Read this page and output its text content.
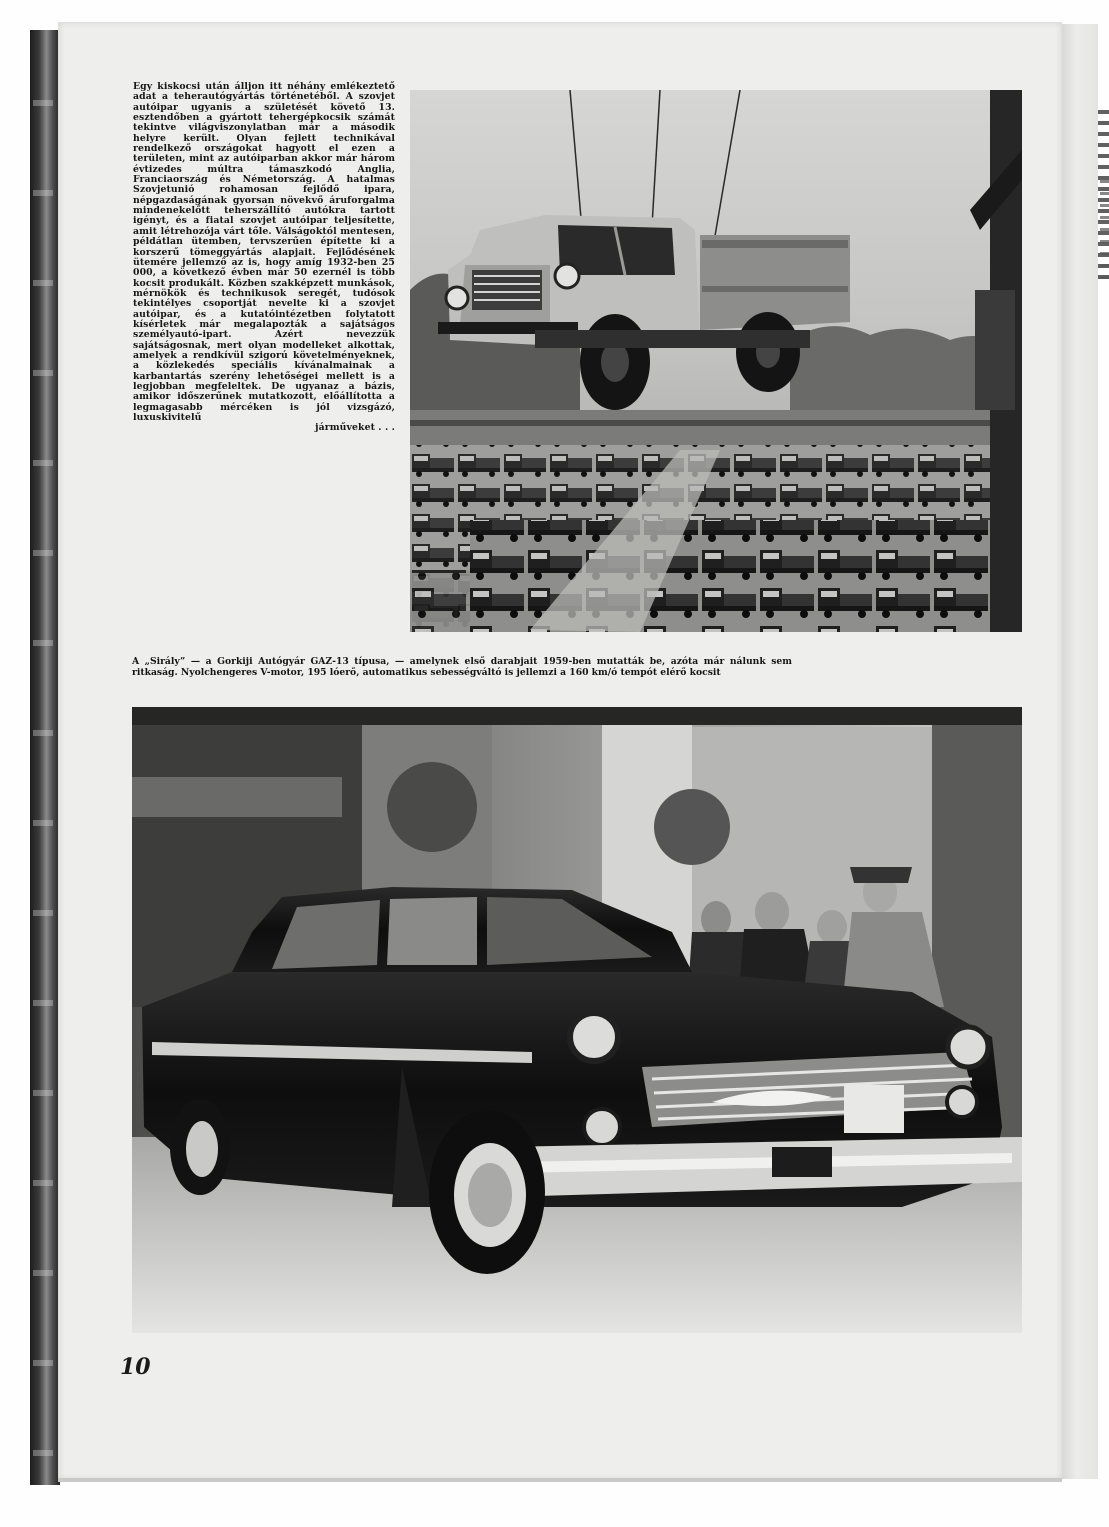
Egy kiskocsi után álljon itt néhány emlékeztető adat a teherautógyártás történetéből. A szovjet autóipar ugyanis a születését követő 13. esztendőben a gyártott tehergépkocsik számát tekintve világviszonylatban már a második helyre került. Olyan fejlett technikával rendelkező országokat hagyott el ezen a területen, mint az autóiparban akkor már három évtizedes múltra támaszkodó Anglia, Franciaország és Németország. A hatalmas Szovjetunió rohamosan fejlődő ipara, népgazdaságának gyorsan növekvő áruforgalma mindenekelőtt teherszállító autókra tartott igényt, és a fiatal szovjet autóipar teljesítette, amit létrehozója várt tőle. Válságoktól mentesen, példátlan ütemben, tervszerűen építette ki a korszerű tömeggyártás alapjait. Fejlődésének ütemére jellemző az is, hogy amíg 1932-ben 25 000, a következő évben már 50 ezernél is több kocsit produkált. Közben szakképzett munkások, mérnökök és technikusok seregét, tudósok tekintélyes csoportját nevelte ki a szovjet autóipar, és a kutatóintézetben folytatott kísérletek már megalapozták a sajátságos személyautó-ipart. Azért nevezzük sajátságosnak, mert olyan modelleket alkottak, amelyek a rendkívül szigorú követelményeknek, a közlekedés speciális kívánalmainak a karbantartás szerény lehetőségei mellett is a legjobban megfeleltek. De ugyanaz a bázis, amikor időszerűnek mutatkozott, előállította a legmagasabb mércéken is jól vizsgázó, luxuskivitelű
járműveket . . .
A „Sirály” — a Gorkiji Autógyár GAZ-13 típusa, — amelynek első darabjait 1959-ben mutatták be, azóta már nálunk sem ritkaság. Nyolchengeres V-motor, 195 lóerő, automatikus sebességváltó is jellemzi a 160 km/ó tempót elérő kocsit
10
